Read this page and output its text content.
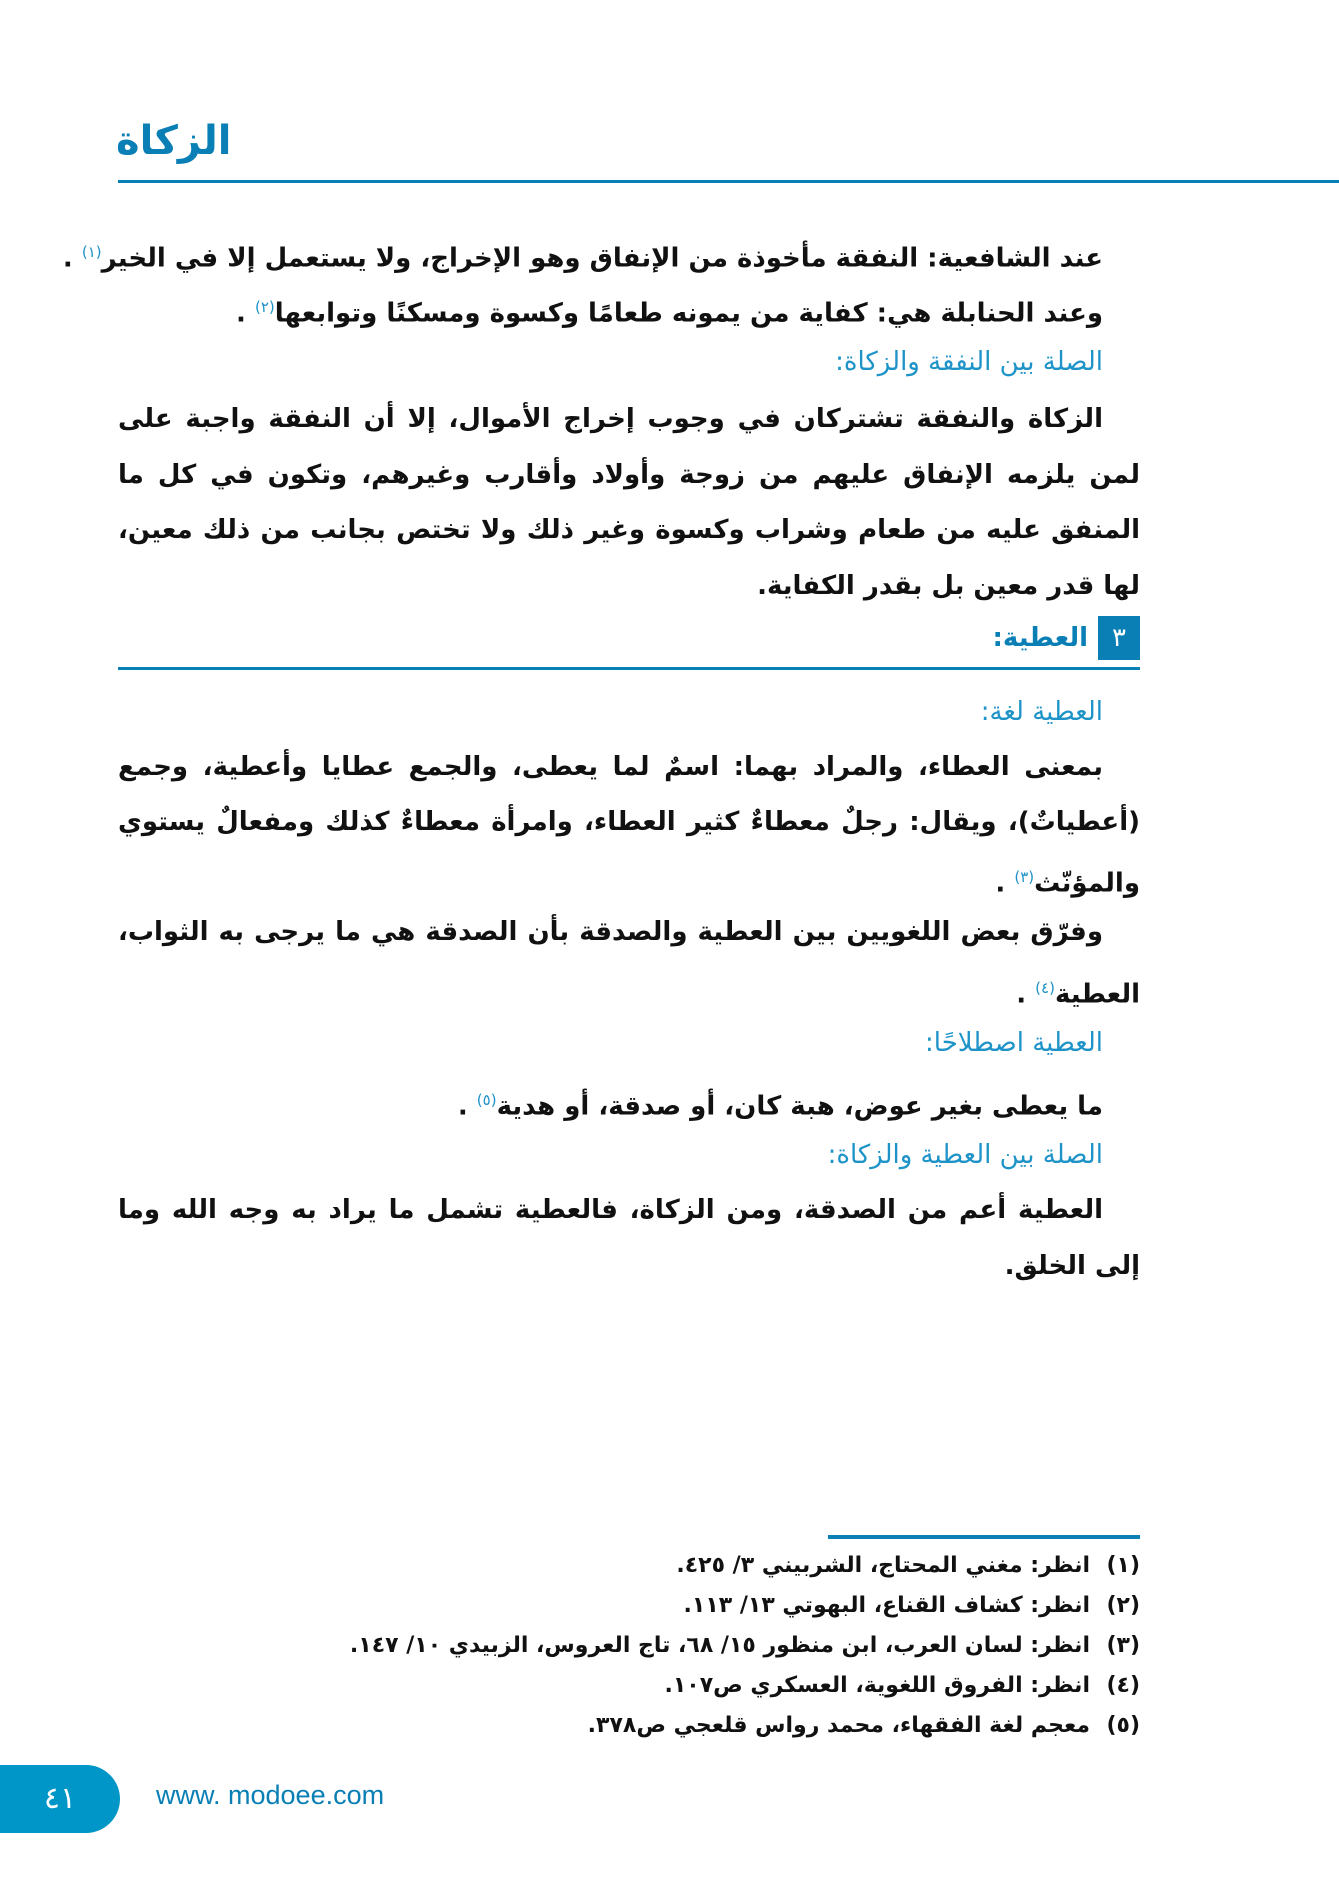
الزكاة
عند الشافعية: النفقة مأخوذة من الإنفاق وهو الإخراج، ولا يستعمل إلا في الخير$^{(١)}$ .
وعند الحنابلة هي: كفاية من يمونه طعامًا وكسوة ومسكنًا وتوابعها$^{(٢)}$ .
الصلة بين النفقة والزكاة:
الزكاة والنفقة تشتركان في وجوب إخراج الأموال، إلا أن النفقة واجبة على
لمن يلزمه الإنفاق عليهم من زوجة وأولاد وأقارب وغيرهم، وتكون في كل ما
المنفق عليه من طعام وشراب وكسوة وغير ذلك ولا تختص بجانب من ذلك معين،
لها قدر معين بل بقدر الكفاية.
٣العطية:
العطية لغة:
بمعنى العطاء، والمراد بهما: اسمٌ لما يعطى، والجمع عطايا وأعطية، وجمع
(أعطياتٌ)، ويقال: رجلٌ معطاءٌ كثير العطاء، وامرأة معطاءٌ كذلك ومفعالٌ يستوي
والمؤنّث$^{(٣)}$ .
وفرّق بعض اللغويين بين العطية والصدقة بأن الصدقة هي ما يرجى به الثواب،
العطية$^{(٤)}$ .
العطية اصطلاحًا:
ما يعطى بغير عوض، هبة كان، أو صدقة، أو هدية$^{(٥)}$ .
الصلة بين العطية والزكاة:
العطية أعم من الصدقة، ومن الزكاة، فالعطية تشمل ما يراد به وجه الله وما
إلى الخلق.
(١)انظر: مغني المحتاج، الشربيني ٣/ ٤٢٥.
(٢)انظر: كشاف القناع، البهوتي ١٣/ ١١٣.
(٣)انظر: لسان العرب، ابن منظور ١٥/ ٦٨، تاج العروس، الزبيدي ١٠/ ١٤٧.
(٤)انظر: الفروق اللغوية، العسكري ص١٠٧.
(٥)معجم لغة الفقهاء، محمد رواس قلعجي ص٣٧٨.
٤١	www. modoee.com
